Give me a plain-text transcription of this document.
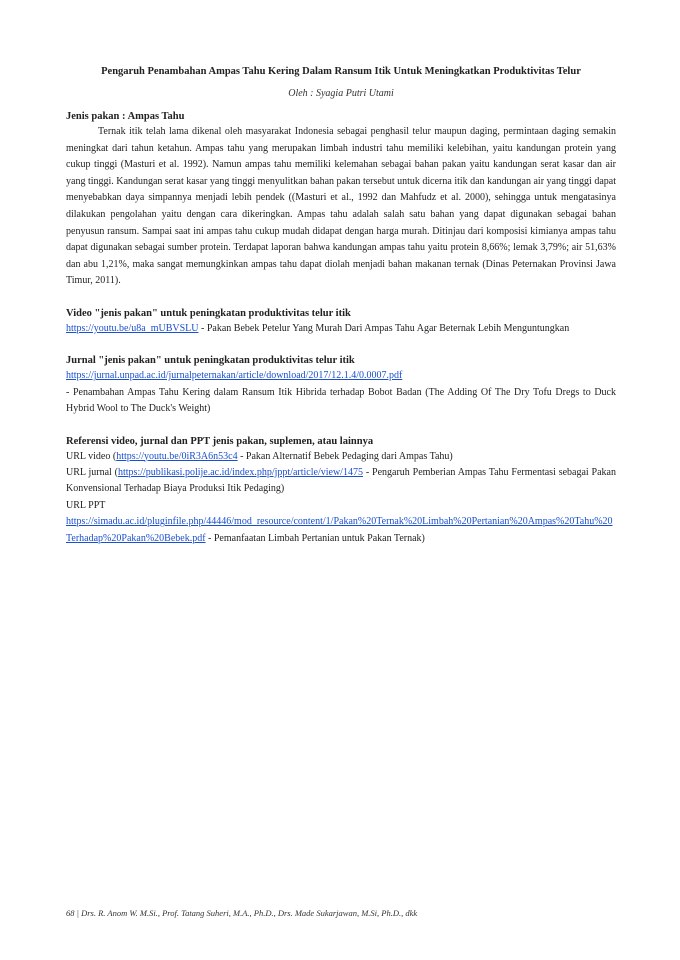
Pengaruh Penambahan Ampas Tahu Kering Dalam Ransum Itik Untuk Meningkatkan Produktivitas Telur

Oleh : Syagia Putri Utami

Jenis pakan : Ampas Tahu

Ternak itik telah lama dikenal oleh masyarakat Indonesia sebagai penghasil telur maupun daging, permintaan daging semakin meningkat dari tahun ketahun. Ampas tahu yang merupakan limbah industri tahu memiliki kelebihan, yaitu kandungan protein yang cukup tinggi (Masturi et al. 1992). Namun ampas tahu memiliki kelemahan sebagai bahan pakan yaitu kandungan serat kasar dan air yang tinggi. Kandungan serat kasar yang tinggi menyulitkan bahan pakan tersebut untuk dicerna itik dan kandungan air yang tinggi dapat menyebabkan daya simpannya menjadi lebih pendek ((Masturi et al., 1992 dan Mahfudz et al. 2000), sehingga untuk mengatasinya dilakukan pengolahan yaitu dengan cara dikeringkan. Ampas tahu adalah salah satu bahan yang dapat digunakan sebagai bahan penyusun ransum. Sampai saat ini ampas tahu cukup mudah didapat dengan harga murah. Ditinjau dari komposisi kimianya ampas tahu dapat digunakan sebagai sumber protein. Terdapat laporan bahwa kandungan ampas tahu yaitu protein 8,66%; lemak 3,79%; air 51,63% dan abu 1,21%, maka sangat memungkinkan ampas tahu dapat diolah menjadi bahan makanan ternak (Dinas Peternakan Provinsi Jawa Timur, 2011).

Video "jenis pakan" untuk peningkatan produktivitas telur itik

https://youtu.be/u8a_mUBVSLU - Pakan Bebek Petelur Yang Murah Dari Ampas Tahu Agar Beternak Lebih Menguntungkan

Jurnal "jenis pakan" untuk peningkatan produktivitas telur itik

https://jurnal.unpad.ac.id/jurnalpeternakan/article/download/2017/12.1.4/0.0007.pdf

- Penambahan Ampas Tahu Kering dalam Ransum Itik Hibrida terhadap Bobot Badan (The Adding Of The Dry Tofu Dregs to Duck Hybrid Wool to The Duck's Weight)

Referensi video, jurnal dan PPT jenis pakan, suplemen, atau lainnya

URL video (https://youtu.be/0iR3A6n53c4 - Pakan Alternatif Bebek Pedaging dari Ampas Tahu)

URL jurnal (https://publikasi.polije.ac.id/index.php/jppt/article/view/1475 - Pengaruh Pemberian Ampas Tahu Fermentasi sebagai Pakan Konvensional Terhadap Biaya Produksi Itik Pedaging)

URL PPT

https://simadu.ac.id/pluginfile.php/44446/mod_resource/content/1/Pakan%20Ternak%20Limbah%20Pertanian%20Ampas%20Tahu%20Terhadap%20Pakan%20Bebek.pdf - Pemanfaatan Limbah Pertanian untuk Pakan Ternak)

68 | Drs. R. Anom W. M.Si., Prof. Tatang Suheri, M.A., Ph.D., Drs. Made Sukarjawan, M.Si, Ph.D., dkk
